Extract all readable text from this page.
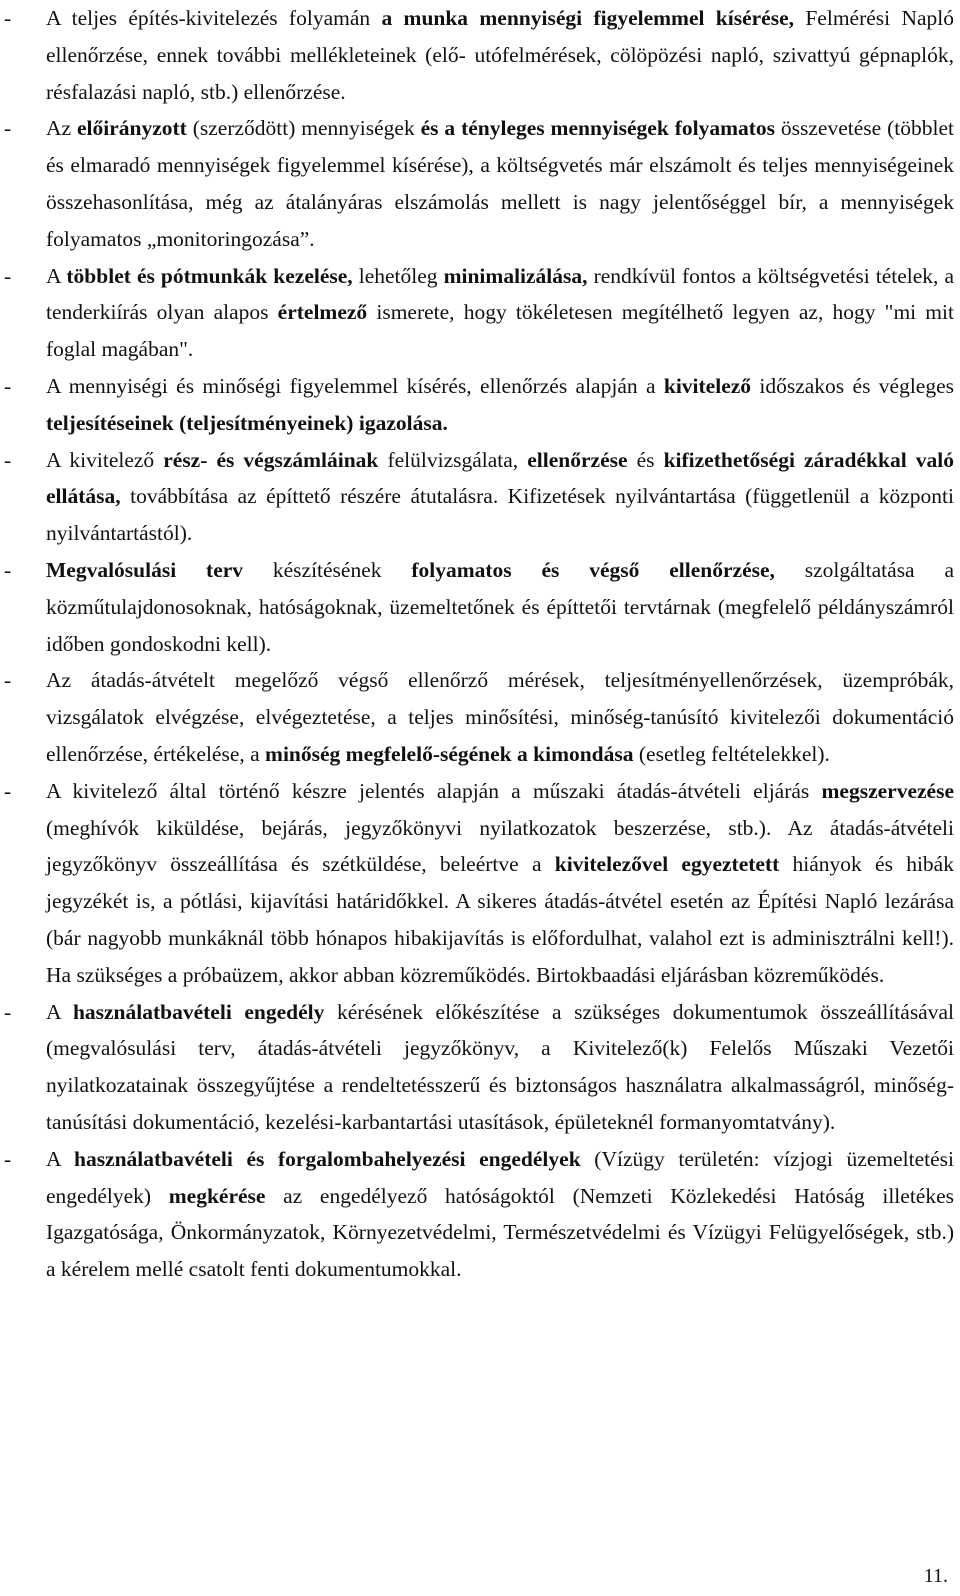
-	A teljes építés-kivitelezés folyamán a munka mennyiségi figyelemmel kísérése, Felmérési Napló ellenőrzése, ennek további mellékleteinek (elő- utófelmérések, cölöpözési napló, szivattyú gépnaplók, résfalazási napló, stb.) ellenőrzése.
-	Az előirányzott (szerződött) mennyiségek és a tényleges mennyiségek folyamatos összevetése (többlet és elmaradó mennyiségek figyelemmel kísérése), a költségvetés már elszámolt és teljes mennyiségeinek összehasonlítása, még az átalányáras elszámolás mellett is nagy jelentőséggel bír, a mennyiségek folyamatos „monitoringozása”.
-	A többlet és pótmunkák kezelése, lehetőleg minimalizálása, rendkívül fontos a költségvetési tételek, a tenderkiírás olyan alapos értelmező ismerete, hogy tökéletesen megítélhető legyen az, hogy "mi mit foglal magában".
-	A mennyiségi és minőségi figyelemmel kísérés, ellenőrzés alapján a kivitelező időszakos és végleges teljesítéseinek (teljesítményeinek) igazolása.
-	A kivitelező rész- és végszámláinak felülvizsgálata, ellenőrzése és kifizethetőségi záradékkal való ellátása, továbbítása az építtető részére átutalásra. Kifizetések nyilvántartása (függetlenül a központi nyilvántartástól).
-	Megvalósulási terv készítésének folyamatos és végső ellenőrzése, szolgáltatása a közműtulajdonosoknak, hatóságoknak, üzemeltetőnek és építtetői tervtárnak (megfelelő példányszámról időben gondoskodni kell).
-	Az átadás-átvételt megelőző végső ellenőrző mérések, teljesítményellenőrzések, üzempróbák, vizsgálatok elvégzése, elvégeztetése, a teljes minősítési, minőség-tanúsító kivitelezői dokumentáció ellenőrzése, értékelése, a minőség megfelelő-ségének a kimondása (esetleg feltételekkel).
-	A kivitelező által történő készre jelentés alapján a műszaki átadás-átvételi eljárás megszervezése (meghívók kiküldése, bejárás, jegyzőkönyvi nyilatkozatok beszerzése, stb.). Az átadás-átvételi jegyzőkönyv összeállítása és szétküldése, beleértve a kivitelezővel egyeztetett hiányok és hibák jegyzékét is, a pótlási, kijavítási határidőkkel. A sikeres átadás-átvétel esetén az Építési Napló lezárása (bár nagyobb munkáknál több hónapos hibakijavítás is előfordulhat, valahol ezt is adminisztrálni kell!). Ha szükséges a próbaüzem, akkor abban közreműködés. Birtokbaadási eljárásban közreműködés.
-	A használatbavételi engedély kérésének előkészítése a szükséges dokumentumok összeállításával (megvalósulási terv, átadás-átvételi jegyzőkönyv, a Kivitelező(k) Felelős Műszaki Vezetői nyilatkozatainak összegyűjtése a rendeltetésszerű és biztonságos használatra alkalmasságról, minőség-tanúsítási dokumentáció, kezelési-karbantartási utasítások, épületeknél formanyomtatvány).
-	A használatbavételi és forgalombahelyezési engedélyek (Vízügy területén: vízjogi üzemeltetési engedélyek) megkérése az engedélyező hatóságoktól (Nemzeti Közlekedési Hatóság illetékes Igazgatósága, Önkormányzatok, Környezetvédelmi, Természetvédelmi és Vízügyi Felügyelőségek, stb.) a kérelem mellé csatolt fenti dokumentumokkal.
11.
